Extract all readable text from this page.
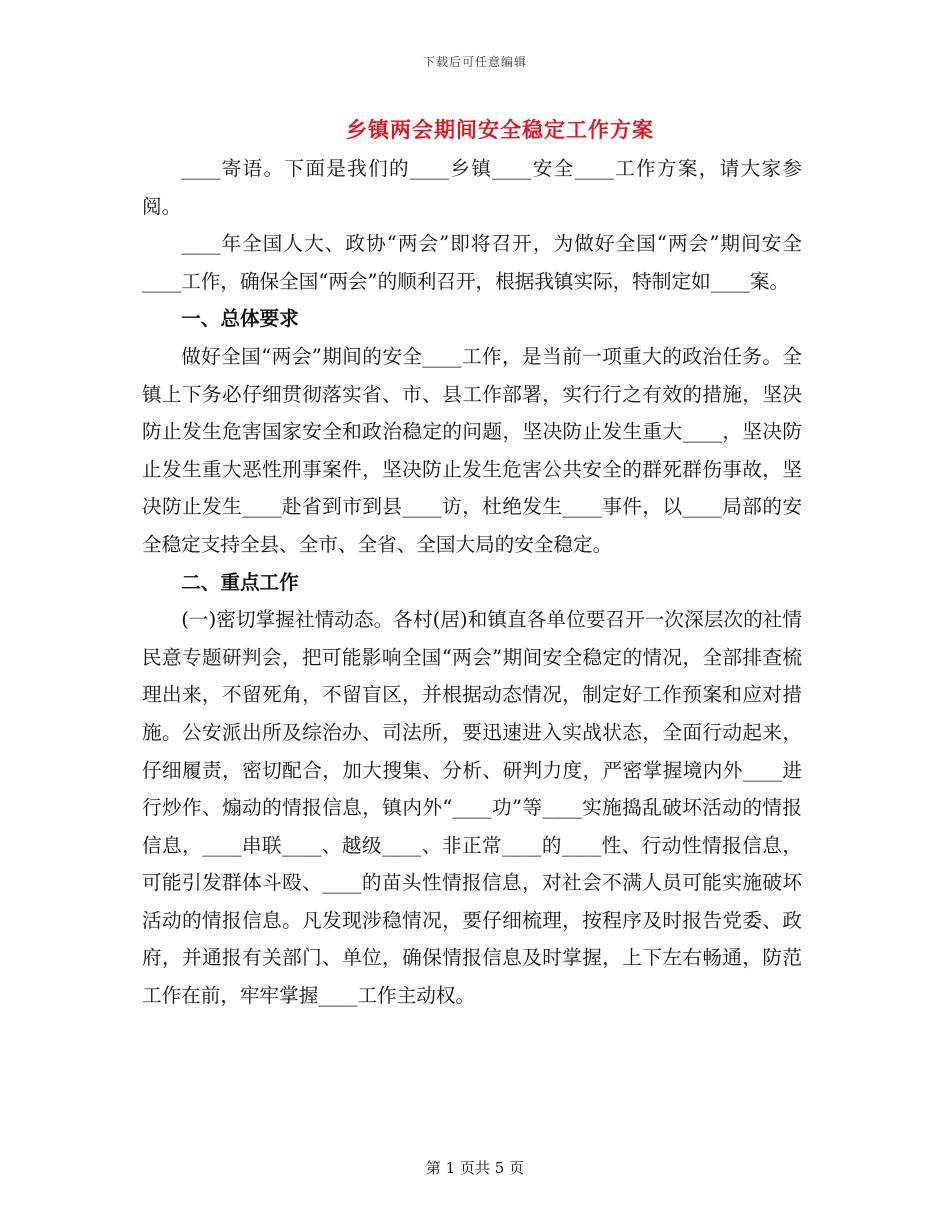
下载后可任意编辑
乡镇两会期间安全稳定工作方案

____寄语。下面是我们的____乡镇____安全____工作方案，请大家参阅。

____年全国人大、政协“两会”即将召开，为做好全国“两会”期间安全____工作，确保全国“两会”的顺利召开，根据我镇实际，特制定如____案。

一、总体要求

做好全国“两会”期间的安全____工作，是当前一项重大的政治任务。全镇上下务必仔细贯彻落实省、市、县工作部署，实行行之有效的措施，坚决防止发生危害国家安全和政治稳定的问题，坚决防止发生重大____，坚决防止发生重大恶性刑事案件，坚决防止发生危害公共安全的群死群伤事故，坚决防止发生____赴省到市到县____访，杜绝发生____事件，以____局部的安全稳定支持全县、全市、全省、全国大局的安全稳定。

二、重点工作

(一)密切掌握社情动态。各村(居)和镇直各单位要召开一次深层次的社情民意专题研判会，把可能影响全国“两会”期间安全稳定的情况，全部排查梳理出来，不留死角，不留盲区，并根据动态情况，制定好工作预案和应对措施。公安派出所及综治办、司法所，要迅速进入实战状态，全面行动起来，仔细履责，密切配合，加大搜集、分析、研判力度，严密掌握境内外____进行炒作、煽动的情报信息，镇内外“____功”等____实施捣乱破坏活动的情报信息，____串联____、越级____、非正常____的____性、行动性情报信息，可能引发群体斗殴、____的苗头性情报信息，对社会不满人员可能实施破坏活动的情报信息。凡发现涉稳情况，要仔细梳理，按程序及时报告党委、政府，并通报有关部门、单位，确保情报信息及时掌握，上下左右畅通，防范工作在前，牢牢掌握____工作主动权。

第 1 页共 5 页
